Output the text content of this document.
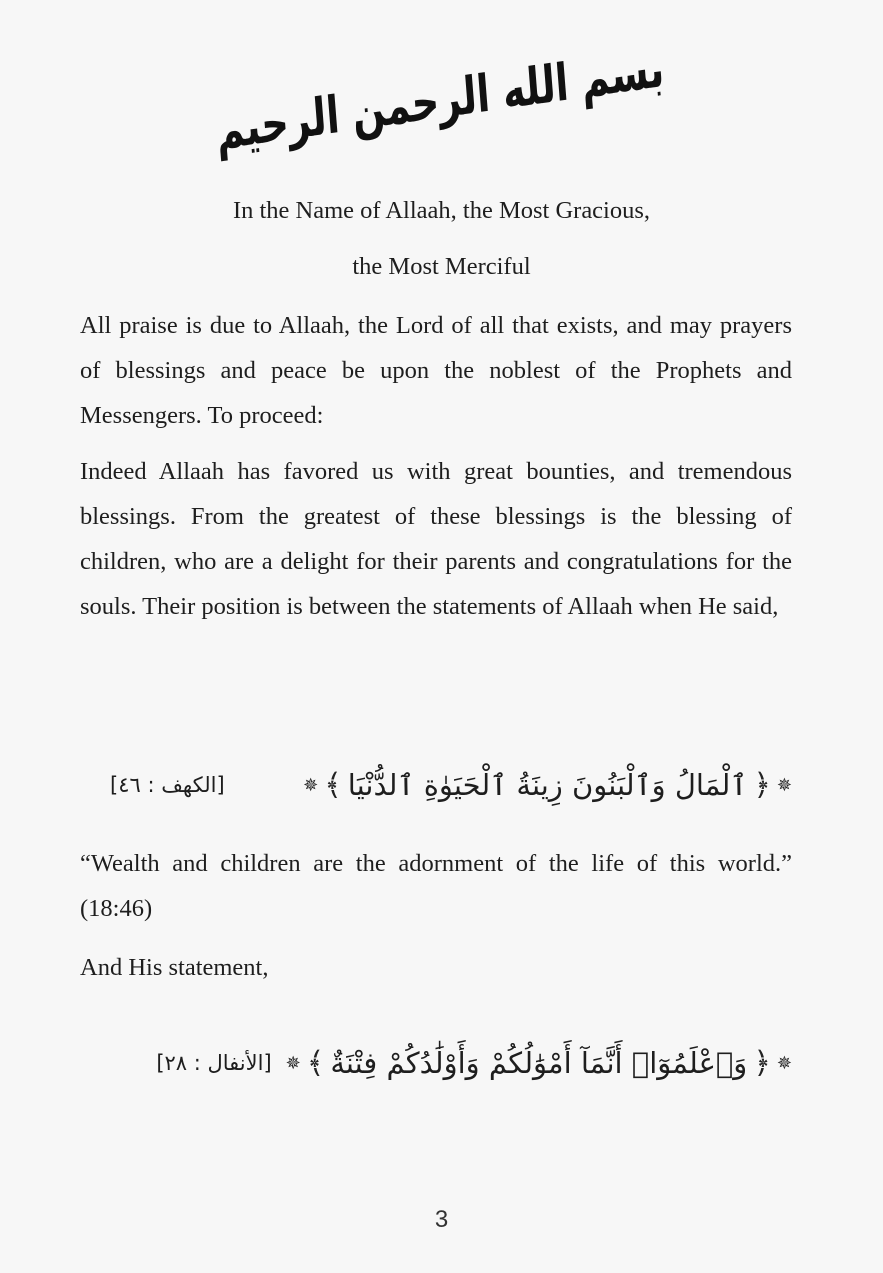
بسم الله الرحمن الرحيم
In the Name of Allaah, the Most Gracious,
the Most Merciful

All praise is due to Allaah, the Lord of all that exists, and may prayers of blessings and peace be upon the noblest of the Prophets and Messengers. To proceed:

Indeed Allaah has favored us with great bounties, and tremendous blessings. From the greatest of these blessings is the blessing of children, who are a delight for their parents and congratulations for the souls. Their position is between the statements of Allaah when He said,

✵
﴿
ٱلْمَالُ وَٱلْبَنُونَ زِينَةُ ٱلْحَيَوٰةِ ٱلدُّنْيَا
﴾
✵
[الكهف : ٤٦]

“Wealth and children are the adornment of the life of this world.” (18:46)

And His statement,

✵
﴿
وَٱعْلَمُوٓا۟ أَنَّمَآ أَمْوَٰلُكُمْ وَأَوْلَٰدُكُمْ فِتْنَةٌ
﴾
✵
[الأنفال : ٢٨]
3
